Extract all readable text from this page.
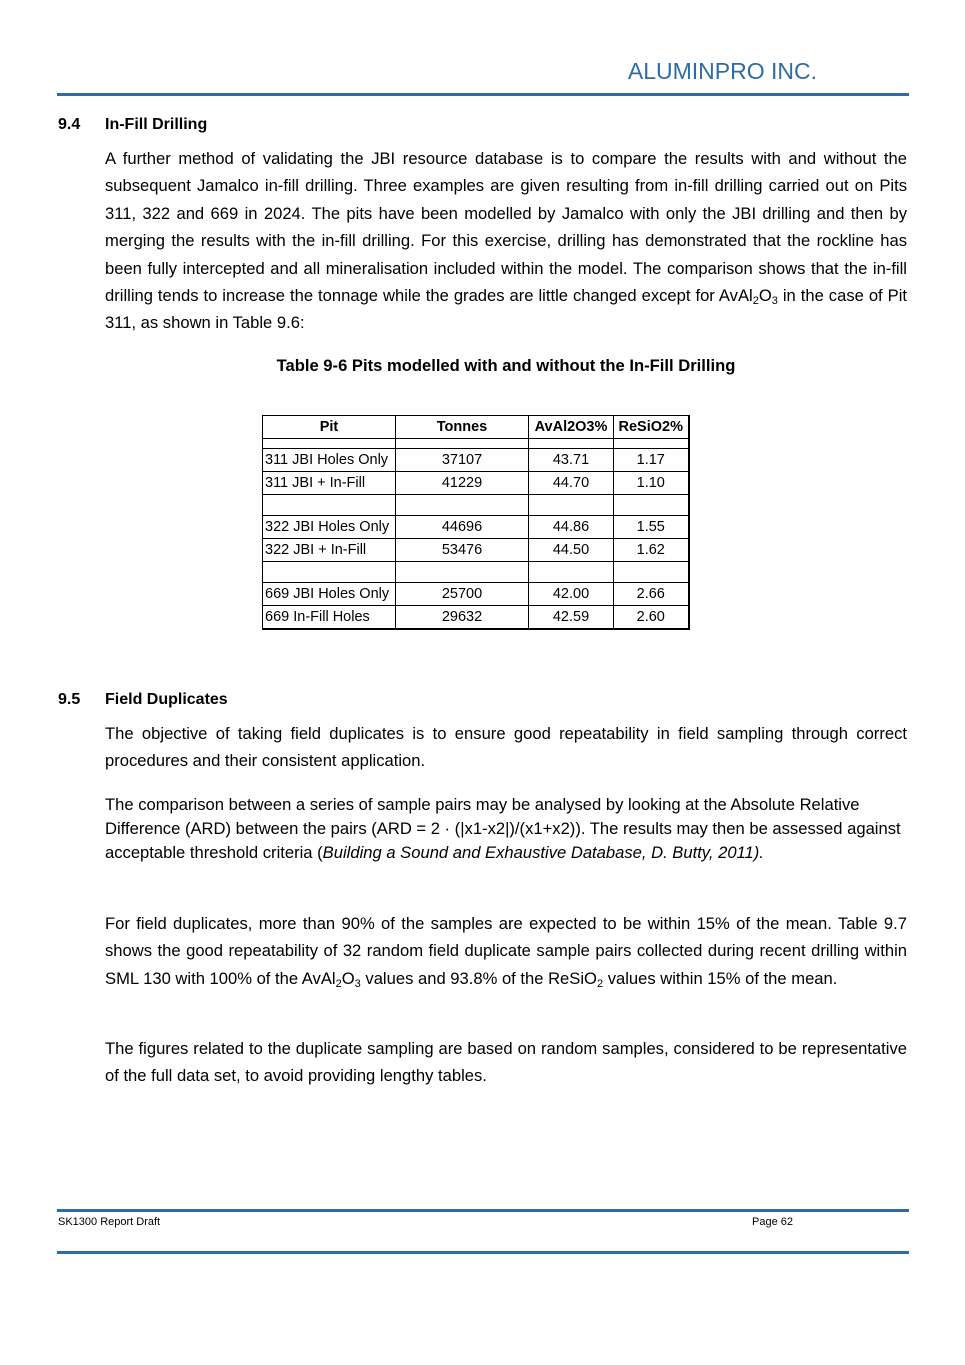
ALUMINPRO INC.
9.4 In-Fill Drilling
A further method of validating the JBI resource database is to compare the results with and without the subsequent Jamalco in-fill drilling. Three examples are given resulting from in-fill drilling carried out on Pits 311, 322 and 669 in 2024. The pits have been modelled by Jamalco with only the JBI drilling and then by merging the results with the in-fill drilling. For this exercise, drilling has demonstrated that the rockline has been fully intercepted and all mineralisation included within the model. The comparison shows that the in-fill drilling tends to increase the tonnage while the grades are little changed except for $AvAl_2O_3$ in the case of Pit 311, as shown in Table 9.6:
Table 9-6 Pits modelled with and without the In-Fill Drilling
Pit	Tonnes	AvAl2O3%	ReSiO2%

311 JBI Holes Only	37107	43.71	1.17
311 JBI + In-Fill	41229	44.70	1.10

322 JBI Holes Only	44696	44.86	1.55
322 JBI + In-Fill	53476	44.50	1.62

669 JBI Holes Only	25700	42.00	2.66
669 In-Fill Holes	29632	42.59	2.60
9.5 Field Duplicates
The objective of taking field duplicates is to ensure good repeatability in field sampling through correct procedures and their consistent application.
The comparison between a series of sample pairs may be analysed by looking at the Absolute Relative Difference (ARD) between the pairs (ARD = 2 · (|x1-x2|)/(x1+x2)). The results may then be assessed against acceptable threshold criteria (Building a Sound and Exhaustive Database, D. Butty, 2011).
For field duplicates, more than 90% of the samples are expected to be within 15% of the mean. Table 9.7 shows the good repeatability of 32 random field duplicate sample pairs collected during recent drilling within SML 130 with 100% of the $AvAl_2O_3$ values and 93.8% of the ReSiO$_2$ values within 15% of the mean.
The figures related to the duplicate sampling are based on random samples, considered to be representative of the full data set, to avoid providing lengthy tables.
SK1300 Report Draft	Page 62
